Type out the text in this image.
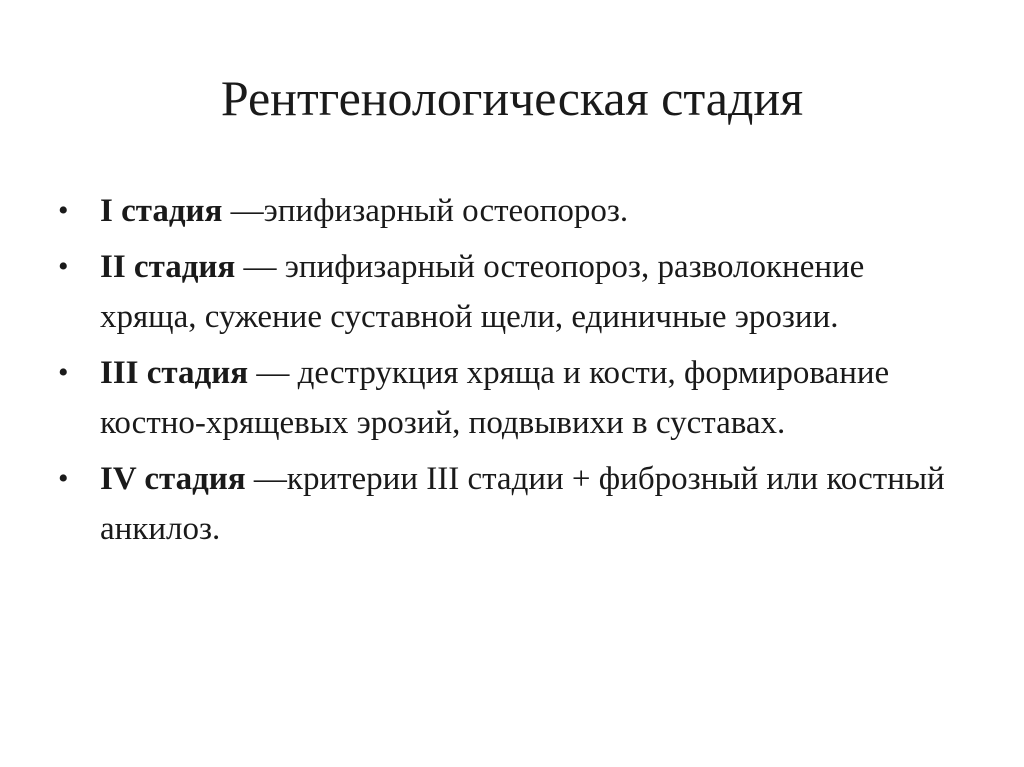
Рентгенологическая стадия
• I стадия —эпифизарный остеопороз.
• II стадия — эпифизарный остеопороз, разволокнение хряща, сужение суставной щели, единичные эрозии.
• III стадия — деструкция хряща и кости, формирование костно-хрящевых эрозий, подвывихи в суставах.
• IV стадия —критерии III стадии + фиброзный или костный анкилоз.
